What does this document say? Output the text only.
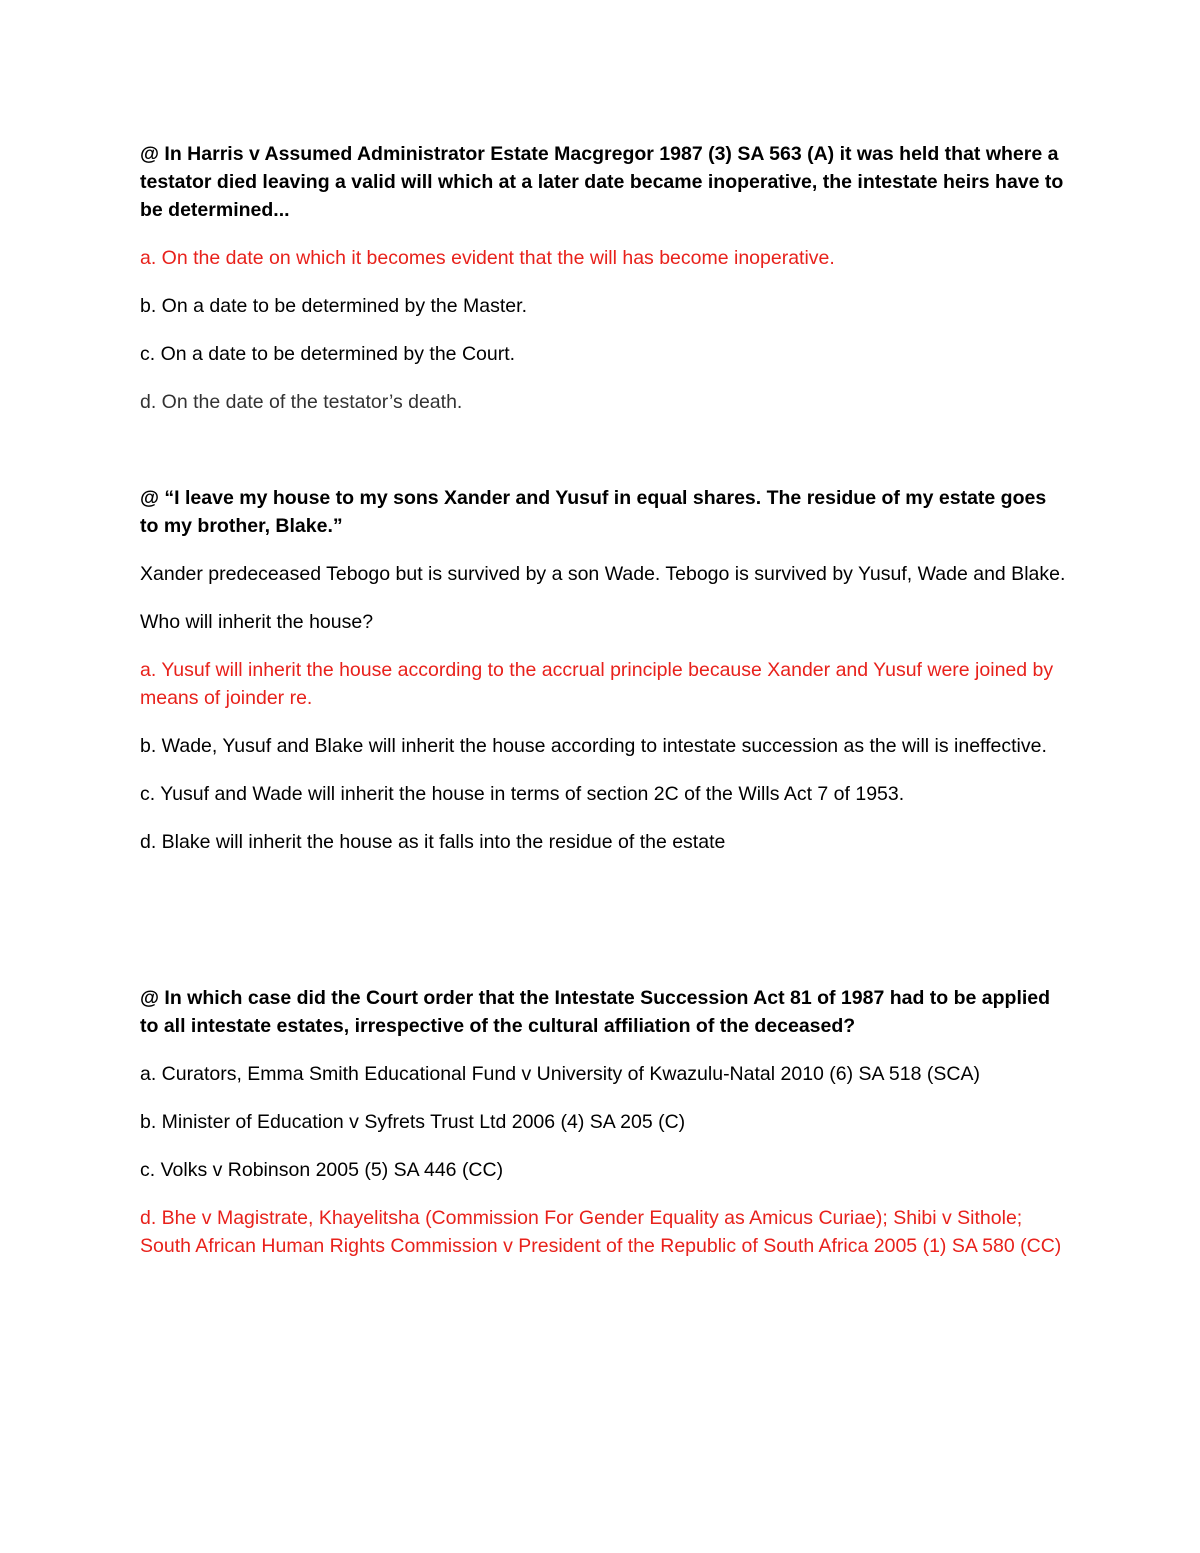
@ In Harris v Assumed Administrator Estate Macgregor 1987 (3) SA 563 (A) it was held that where a testator died leaving a valid will which at a later date became inoperative, the intestate heirs have to be determined...

a. On the date on which it becomes evident that the will has become inoperative.

b. On a date to be determined by the Master.

c. On a date to be determined by the Court.

d. On the date of the testator’s death.

@ “I leave my house to my sons Xander and Yusuf in equal shares. The residue of my estate goes to my brother, Blake.”

Xander predeceased Tebogo but is survived by a son Wade. Tebogo is survived by Yusuf, Wade and Blake.

Who will inherit the house?

a. Yusuf will inherit the house according to the accrual principle because Xander and Yusuf were joined by means of joinder re.

b. Wade, Yusuf and Blake will inherit the house according to intestate succession as the will is ineffective.

c. Yusuf and Wade will inherit the house in terms of section 2C of the Wills Act 7 of 1953.

d. Blake will inherit the house as it falls into the residue of the estate

@ In which case did the Court order that the Intestate Succession Act 81 of 1987 had to be applied to all intestate estates, irrespective of the cultural affiliation of the deceased?

a. Curators, Emma Smith Educational Fund v University of Kwazulu-Natal 2010 (6) SA 518 (SCA)

b. Minister of Education v Syfrets Trust Ltd 2006 (4) SA 205 (C)

c. Volks v Robinson 2005 (5) SA 446 (CC)

d. Bhe v Magistrate, Khayelitsha (Commission For Gender Equality as Amicus Curiae); Shibi v Sithole; South African Human Rights Commission v President of the Republic of South Africa 2005 (1) SA 580 (CC)
